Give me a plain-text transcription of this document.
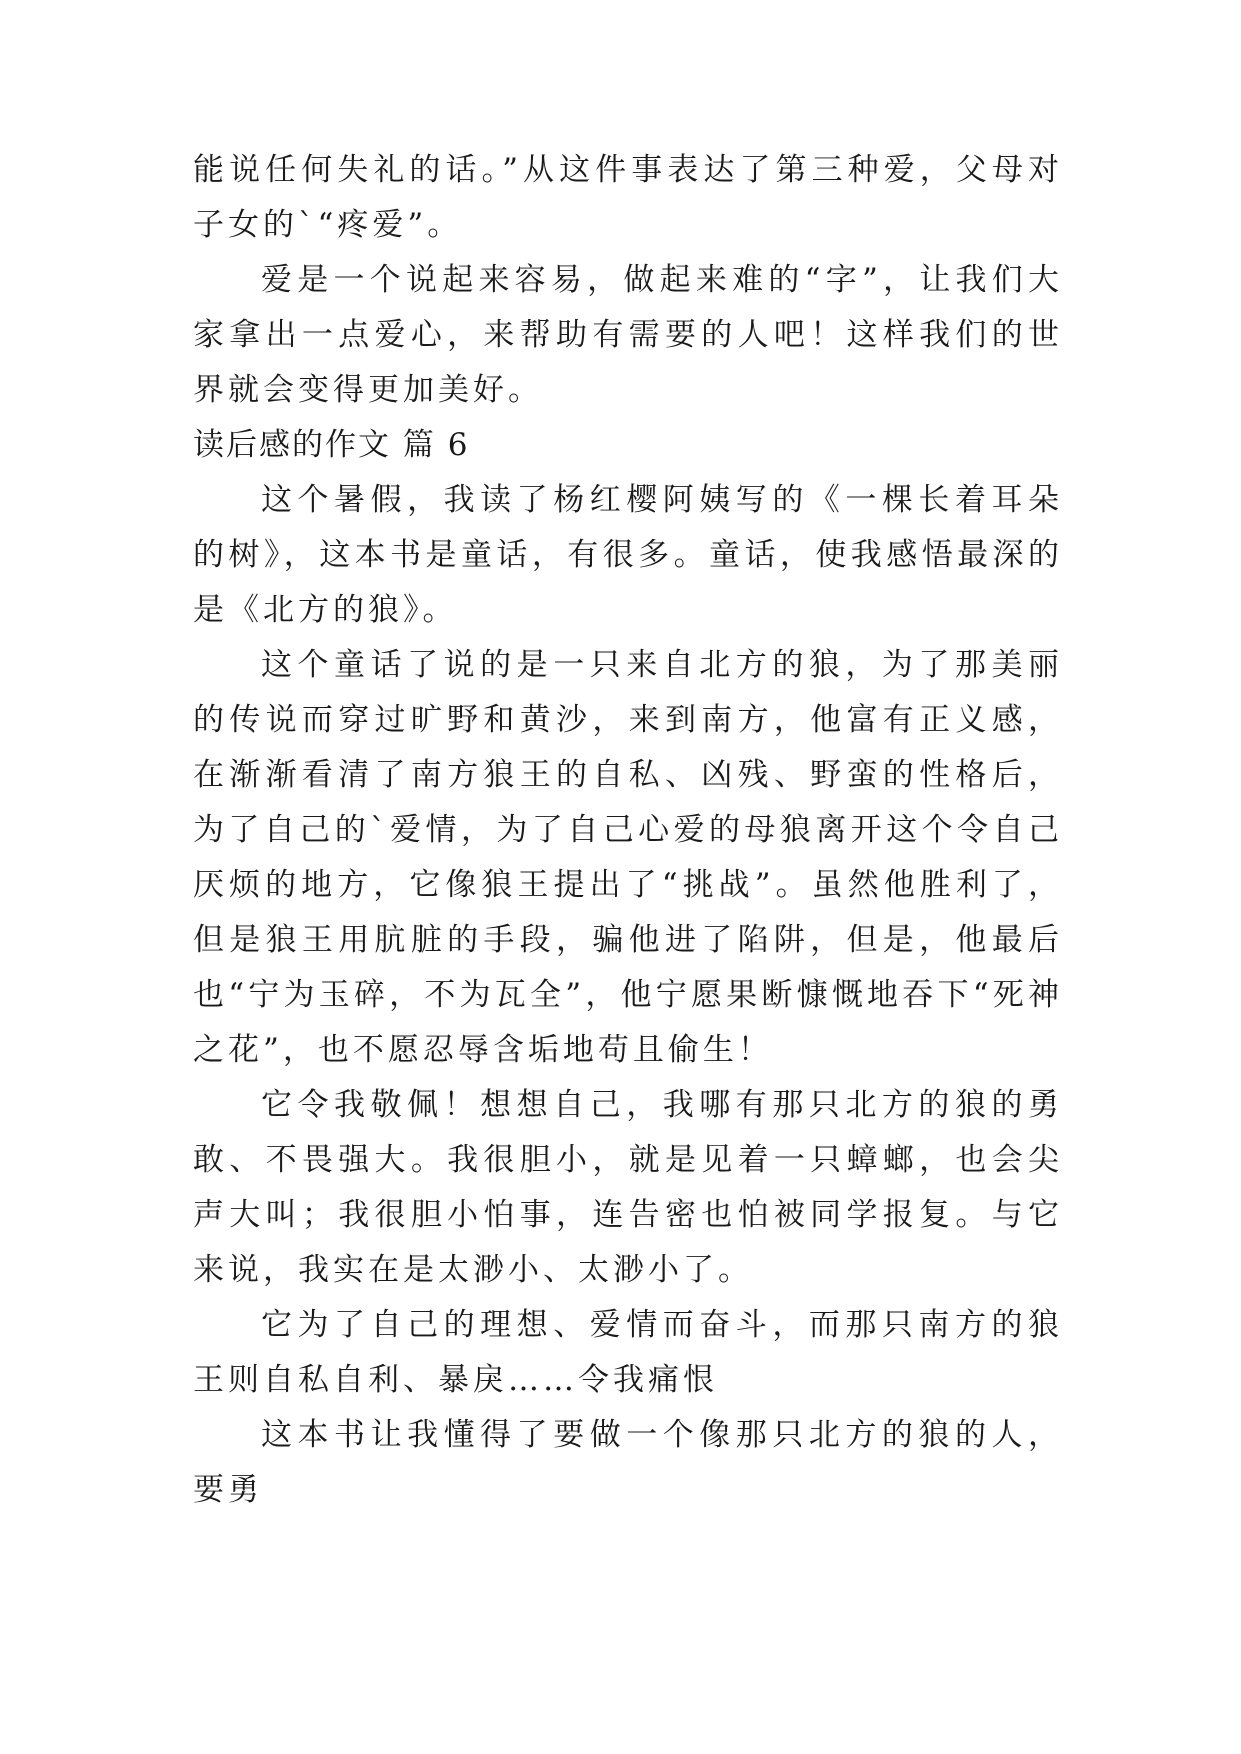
能说任何失礼的话。”从这件事表达了第三种爱，父母对子女的`“疼爱”。

爱是一个说起来容易，做起来难的“字”，让我们大家拿出一点爱心，来帮助有需要的人吧！这样我们的世界就会变得更加美好。

读后感的作文 篇 6

这个暑假，我读了杨红樱阿姨写的《一棵长着耳朵的树》，这本书是童话，有很多。童话，使我感悟最深的是《北方的狼》。

这个童话了说的是一只来自北方的狼，为了那美丽的传说而穿过旷野和黄沙，来到南方，他富有正义感，在渐渐看清了南方狼王的自私、凶残、野蛮的性格后，为了自己的`爱情，为了自己心爱的母狼离开这个令自己厌烦的地方，它像狼王提出了“挑战”。虽然他胜利了，但是狼王用肮脏的手段，骗他进了陷阱，但是，他最后也“宁为玉碎，不为瓦全”，他宁愿果断慷慨地吞下“死神之花”，也不愿忍辱含垢地苟且偷生！

它令我敬佩！想想自己，我哪有那只北方的狼的勇敢、不畏强大。我很胆小，就是见着一只蟑螂，也会尖声大叫；我很胆小怕事，连告密也怕被同学报复。与它来说，我实在是太渺小、太渺小了。

它为了自己的理想、爱情而奋斗，而那只南方的狼王则自私自利、暴戾……令我痛恨

这本书让我懂得了要做一个像那只北方的狼的人，要勇
